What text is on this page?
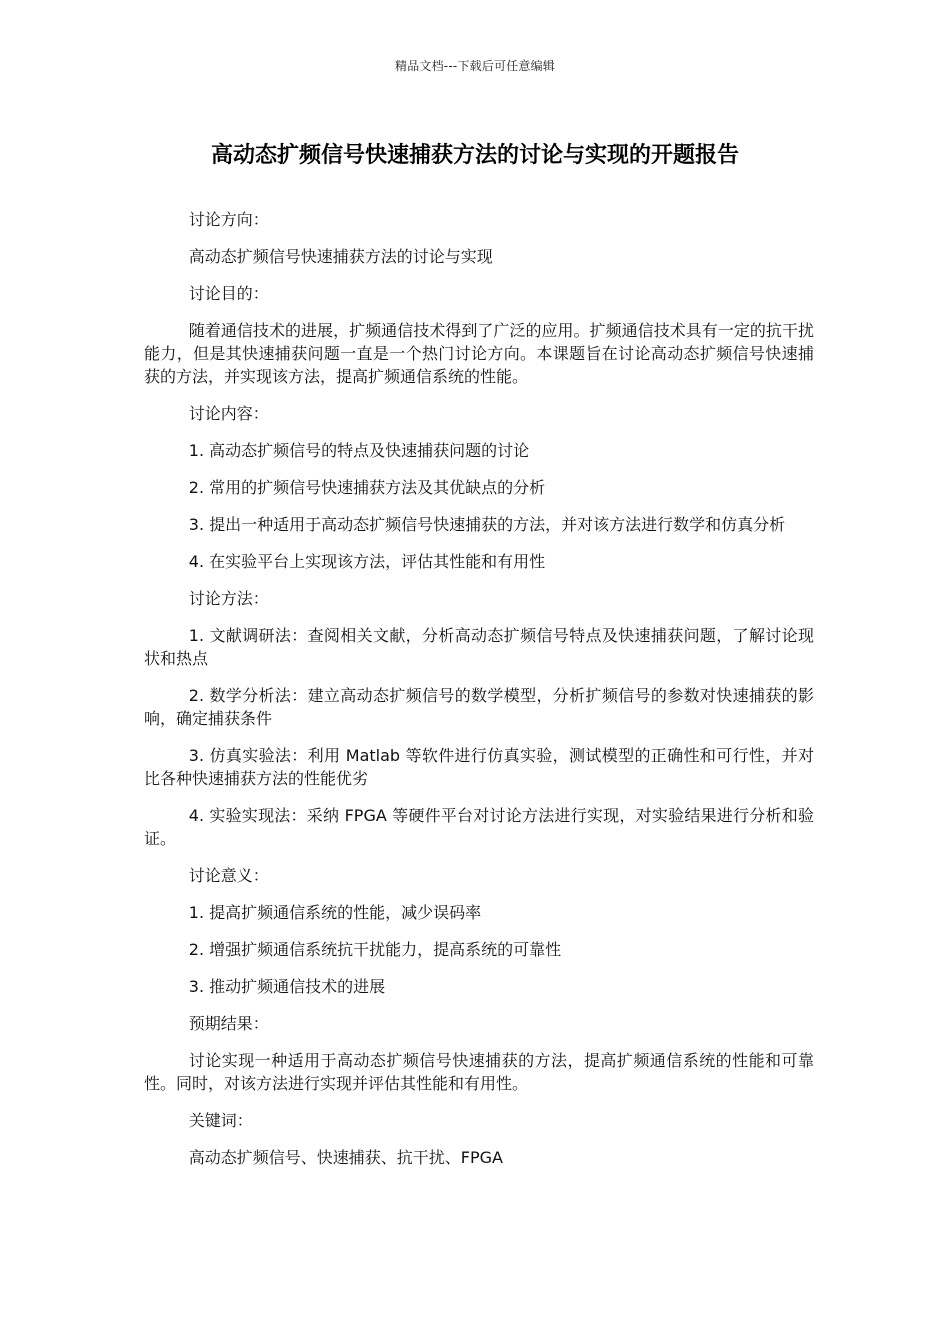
精品文档---下载后可任意编辑
高动态扩频信号快速捕获方法的讨论与实现的开题报告

讨论方向：

高动态扩频信号快速捕获方法的讨论与实现

讨论目的：

随着通信技术的进展，扩频通信技术得到了广泛的应用。扩频通信技术具有一定的抗干扰能力，但是其快速捕获问题一直是一个热门讨论方向。本课题旨在讨论高动态扩频信号快速捕获的方法，并实现该方法，提高扩频通信系统的性能。

讨论内容：

1. 高动态扩频信号的特点及快速捕获问题的讨论

2. 常用的扩频信号快速捕获方法及其优缺点的分析

3. 提出一种适用于高动态扩频信号快速捕获的方法，并对该方法进行数学和仿真分析

4. 在实验平台上实现该方法，评估其性能和有用性

讨论方法：

1. 文献调研法：查阅相关文献，分析高动态扩频信号特点及快速捕获问题，了解讨论现状和热点

2. 数学分析法：建立高动态扩频信号的数学模型，分析扩频信号的参数对快速捕获的影响，确定捕获条件

3. 仿真实验法：利用 Matlab 等软件进行仿真实验，测试模型的正确性和可行性，并对比各种快速捕获方法的性能优劣

4. 实验实现法：采纳 FPGA 等硬件平台对讨论方法进行实现，对实验结果进行分析和验证。

讨论意义：

1. 提高扩频通信系统的性能，减少误码率

2. 增强扩频通信系统抗干扰能力，提高系统的可靠性

3. 推动扩频通信技术的进展

预期结果：

讨论实现一种适用于高动态扩频信号快速捕获的方法，提高扩频通信系统的性能和可靠性。同时，对该方法进行实现并评估其性能和有用性。

关键词：

高动态扩频信号、快速捕获、抗干扰、FPGA
